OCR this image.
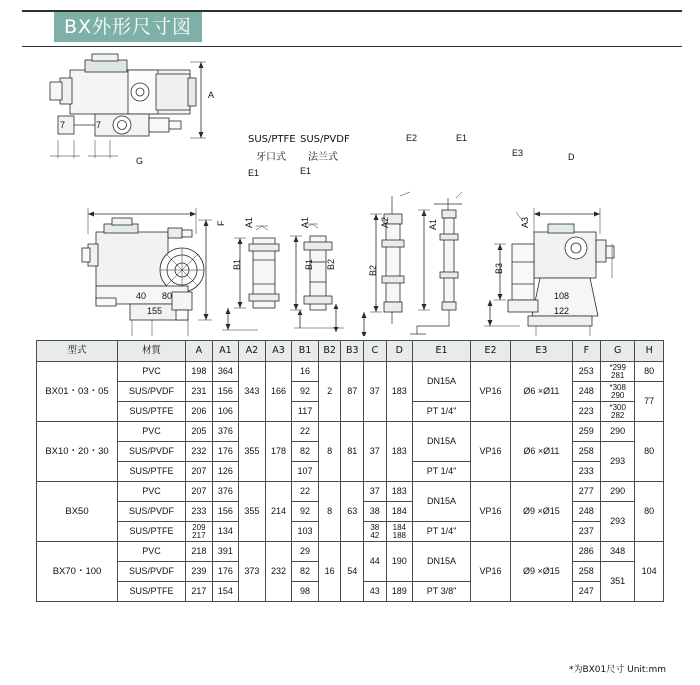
BX外形尺寸図
A
7	7
G
SUS/PTFE
牙口式
SUS/PVDF
法兰式
E2	E1
E3	D
E1	E1
F A1	A1	A2	A1	A3
B1	B1 B2
B2	B3
40 80
155
108
122
型式	材質	A	A1	A2	A3	B1	B2	B3	C	D	E1	E2	E3	F	G	H
BX01・03・05	PVC	198	364	343	166	16	2	87	37	183	DN15A	VP16	Ø6 ×Ø11	253	*299
281	80
	SUS/PVDF	231	156			92								248	*308
290	77
	SUS/PTFE	206	106			117					PT 1/4"			223	*300
282	

BX10・20・30	PVC	205	376	355	178	22	8	81	37	183	DN15A	VP16	Ø6 ×Ø11	259	290	80
	SUS/PVDF	232	176			82								258	293	
	SUS/PTFE	207	126			107					PT 1/4"			233		
BX50	PVC	207	376	355	214	22	8	63	37	183	DN15A	VP16	Ø9 ×Ø15	277	290	80
	SUS/PVDF	233	156			92			38	184				248	293	
	SUS/PTFE	209
217	134			103			38
42	184
188	PT 1/4"			237		
BX70・100	PVC	218	391	373	232	29	16	54	44	190	DN15A	VP16	Ø9 ×Ø15	286	348	104
	SUS/PVDF	239	176			82								258	351	
	SUS/PTFE	217	154			98			43	189	PT 3/8"			247		
*为BX01尺寸 Unit:mm
